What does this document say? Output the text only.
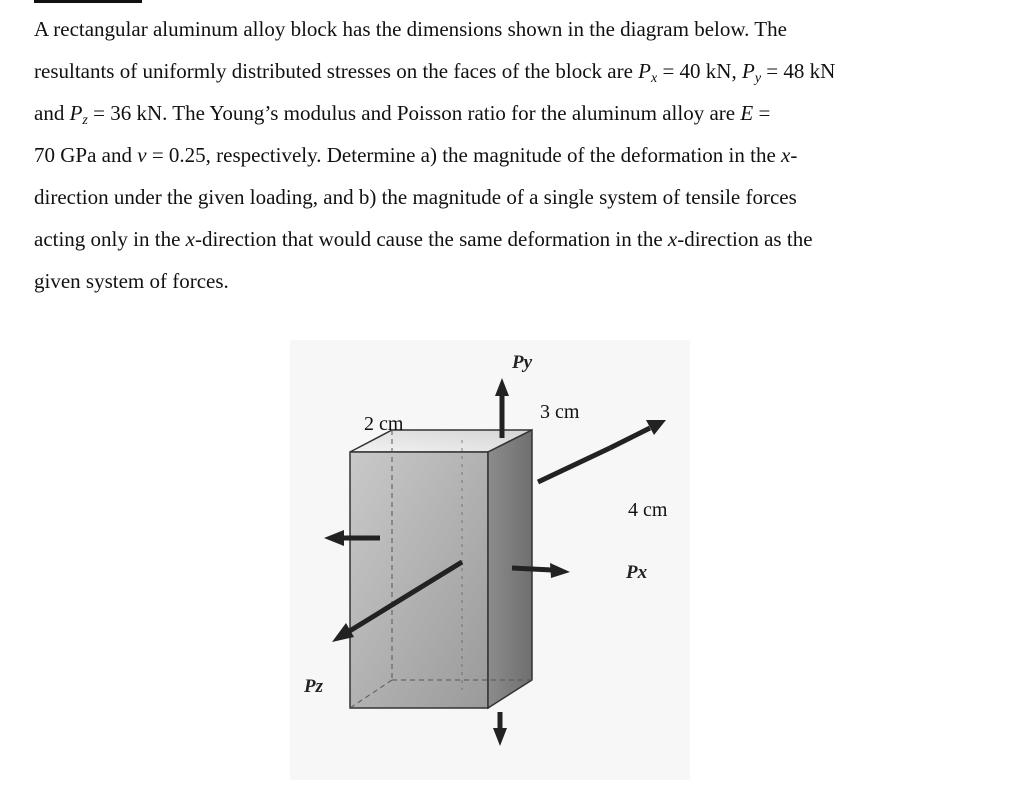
A rectangular aluminum alloy block has the dimensions shown in the diagram below. The
resultants of uniformly distributed stresses on the faces of the block are $P_x = 40$ kN, $P_y = 48$ kN
and $P_z = 36$ kN. The Young’s modulus and Poisson ratio for the aluminum alloy are E =
70 GPa and ν = 0.25, respectively. Determine a) the magnitude of the deformation in the x-
direction under the given loading, and b) the magnitude of a single system of tensile forces
acting only in the x-direction that would cause the same deformation in the x-direction as the
given system of forces.
2 cm
3 cm
4 cm
Py
Px
Pz
